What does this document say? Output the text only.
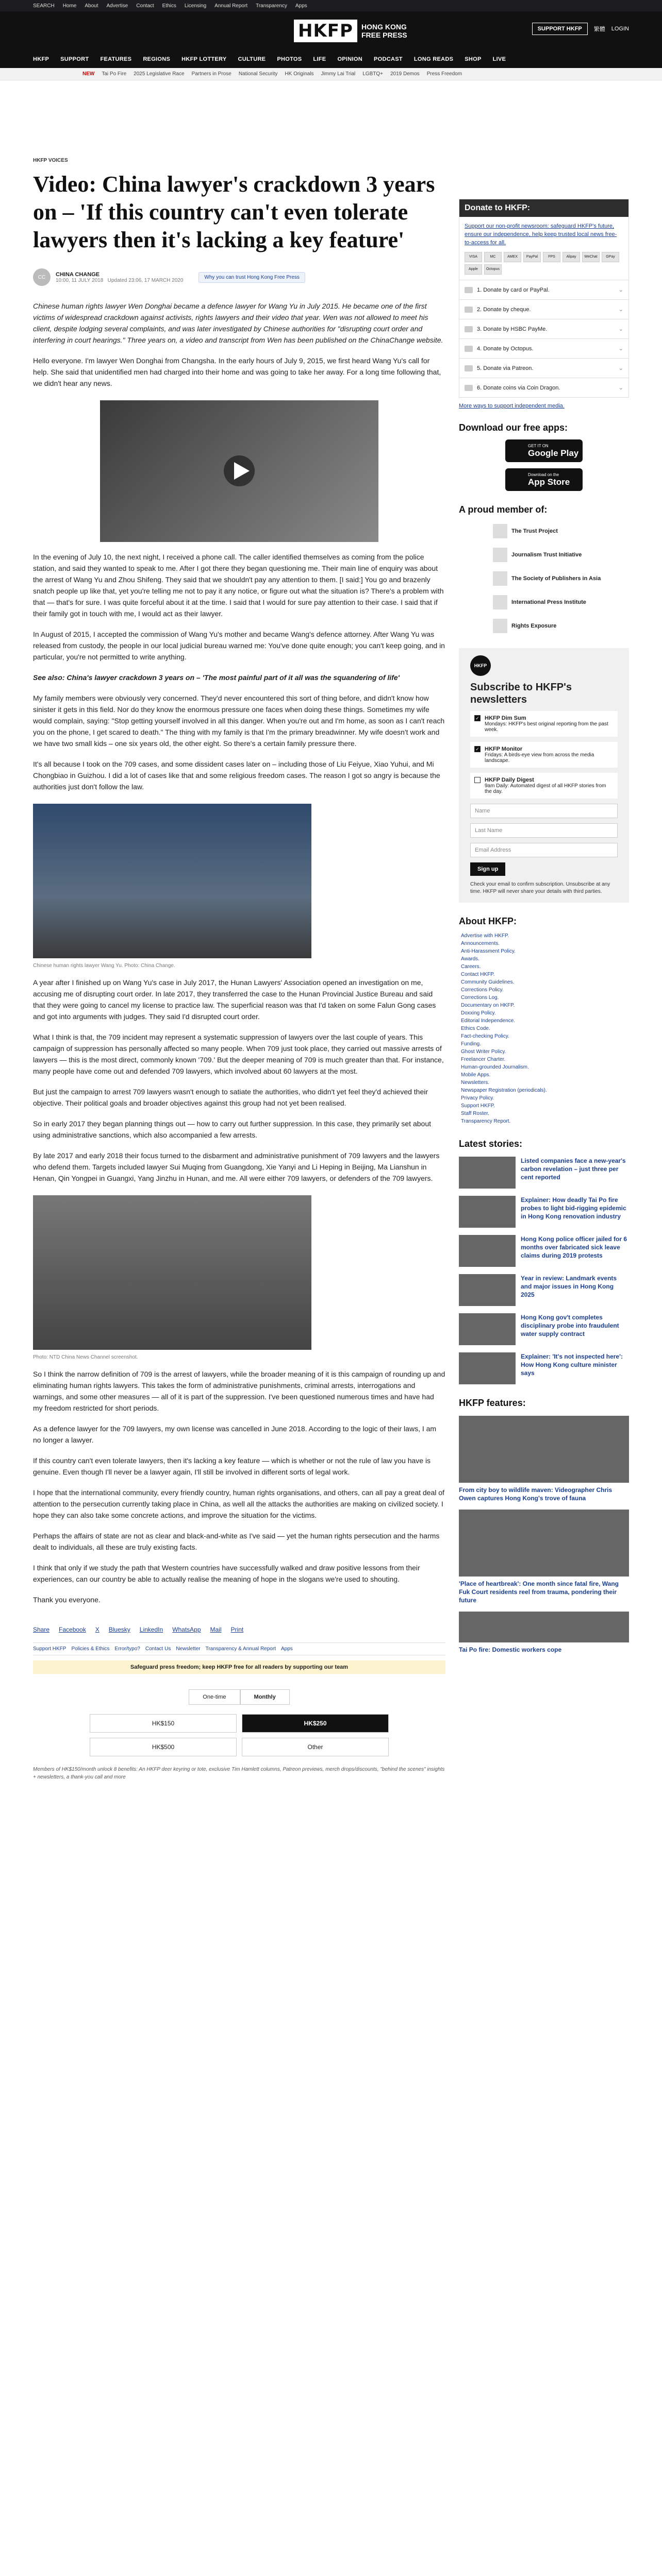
SEARCH Home About Advertise Contact Ethics Licensing Annual Report Transparency Apps
HKFP	HONG KONG
FREE PRESS
SUPPORT HKFP	繁體 LOGIN
HKFP SUPPORT FEATURES REGIONS HKFP LOTTERY CULTURE PHOTOS LIFE OPINION PODCAST LONG READS SHOP LIVE
NEW Tai Po Fire 2025 Legislative Race Partners in Prose National Security HK Originals Jimmy Lai Trial LGBTQ+ 2019 Demos Press Freedom
HKFP VOICES
Video: China lawyer's crackdown 3 years on – 'If this country can't even tolerate lawyers then it's lacking a key feature'
CC	CHINA CHANGE
10:00, 11 JULY 2018 Updated 23:06, 17 MARCH 2020
Why you can trust Hong Kong Free Press

Chinese human rights lawyer Wen Donghai became a defence lawyer for Wang Yu in July 2015. He became one of the first victims of widespread crackdown against activists, rights lawyers and their video that year. Wen was not allowed to meet his client, despite lodging several complaints, and was later investigated by Chinese authorities for "disrupting court order and interfering in court hearings." Three years on, a video and transcript from Wen has been published on the ChinaChange website.

Hello everyone. I'm lawyer Wen Donghai from Changsha. In the early hours of July 9, 2015, we first heard Wang Yu's call for help. She said that unidentified men had charged into their home and was going to take her away. For a long time following that, we didn't hear any news.

In the evening of July 10, the next night, I received a phone call. The caller identified themselves as coming from the police station, and said they wanted to speak to me. After I got there they began questioning me. Their main line of enquiry was about the arrest of Wang Yu and Zhou Shifeng. They said that we shouldn't pay any attention to them. [I said:] You go and brazenly snatch people up like that, yet you're telling me not to pay it any notice, or figure out what the situation is? There's a problem with that — that's for sure. I was quite forceful about it at the time. I said that I would for sure pay attention to their case. I said that if their family got in touch with me, I would act as their lawyer.

In August of 2015, I accepted the commission of Wang Yu's mother and became Wang's defence attorney. After Wang Yu was released from custody, the people in our local judicial bureau warned me: You've done quite enough; you can't keep going, and in particular, you're not permitted to write anything.

See also: China's lawyer crackdown 3 years on – 'The most painful part of it all was the squandering of life'

My family members were obviously very concerned. They'd never encountered this sort of thing before, and didn't know how sinister it gets in this field. Nor do they know the enormous pressure one faces when doing these things. Sometimes my wife would complain, saying: "Stop getting yourself involved in all this danger. When you're out and I'm home, as soon as I can't reach you on the phone, I get scared to death." The thing with my family is that I'm the primary breadwinner. My wife doesn't work and we have two small kids – one six years old, the other eight. So there's a certain family pressure there.

It's all because I took on the 709 cases, and some dissident cases later on – including those of Liu Feiyue, Xiao Yuhui, and Mi Chongbiao in Guizhou. I did a lot of cases like that and some religious freedom cases. The reason I got so angry is because the authorities just don't follow the law.

Chinese human rights lawyer Wang Yu. Photo: China Change.

A year after I finished up on Wang Yu's case in July 2017, the Hunan Lawyers' Association opened an investigation on me, accusing me of disrupting court order. In late 2017, they transferred the case to the Hunan Provincial Justice Bureau and said that they were going to cancel my license to practice law. The superficial reason was that I'd taken on some Falun Gong cases and got into arguments with judges. They said I'd disrupted court order.

What I think is that, the 709 incident may represent a systematic suppression of lawyers over the last couple of years. This campaign of suppression has personally affected so many people. When 709 just took place, they carried out massive arrests of lawyers — this is the most direct, commonly known '709.' But the deeper meaning of 709 is much greater than that. For instance, many people have come out and defended 709 lawyers, which involved about 60 lawyers at the most.

But just the campaign to arrest 709 lawyers wasn't enough to satiate the authorities, who didn't yet feel they'd achieved their objective. Their political goals and broader objectives against this group had not yet been realised.

So in early 2017 they began planning things out — how to carry out further suppression. In this case, they primarily set about using administrative sanctions, which also accompanied a few arrests.

By late 2017 and early 2018 their focus turned to the disbarment and administrative punishment of 709 lawyers and the lawyers who defend them. Targets included lawyer Sui Muqing from Guangdong, Xie Yanyi and Li Heping in Beijing, Ma Lianshun in Henan, Qin Yongpei in Guangxi, Yang Jinzhu in Hunan, and me. All were either 709 lawyers, or defenders of the 709 lawyers.

Photo: NTD China News Channel screenshot.

So I think the narrow definition of 709 is the arrest of lawyers, while the broader meaning of it is this campaign of rounding up and eliminating human rights lawyers. This takes the form of administrative punishments, criminal arrests, interrogations and warnings, and some other measures — all of it is part of the suppression. I've been questioned numerous times and have had my freedom restricted for short periods.

As a defence lawyer for the 709 lawyers, my own license was cancelled in June 2018. According to the logic of their laws, I am no longer a lawyer.

If this country can't even tolerate lawyers, then it's lacking a key feature — which is whether or not the rule of law you have is genuine. Even though I'll never be a lawyer again, I'll still be involved in different sorts of legal work.

I hope that the international community, every friendly country, human rights organisations, and others, can all pay a great deal of attention to the persecution currently taking place in China, as well all the attacks the authorities are making on civilized society. I hope they can also take some concrete actions, and improve the situation for the victims.

Perhaps the affairs of state are not as clear and black-and-white as I've said — yet the human rights persecution and the harms dealt to individuals, all these are truly existing facts.

I think that only if we study the path that Western countries have successfully walked and draw positive lessons from their experiences, can our country be able to actually realise the meaning of hope in the slogans we're used to shouting.

Thank you everyone.

Share Facebook X Bluesky LinkedIn WhatsApp Mail Print
Support HKFP Policies & Ethics Error/typo? Contact Us Newsletter Transparency & Annual Report Apps
Safeguard press freedom; keep HKFP free for all readers by supporting our team
One-time	Monthly
HK$150	HK$250
HK$500	Other

Members of HK$150/month unlock 8 benefits: An HKFP deer keyring or tote, exclusive Tim Hamlett columns, Patreon previews, merch drops/discounts, "behind the scenes" insights + newsletters, a thank-you call and more

Donate to HKFP:
Support our non-profit newsroom: safeguard HKFP's future, ensure our independence, help keep trusted local news free-to-access for all.
VISA	MC	AMEX	PayPal	FPS	Alipay	WeChat	GPay
Apple	Octopus
1. Donate by card or PayPal.	⌄
2. Donate by cheque.	⌄
3. Donate by HSBC PayMe.	⌄
4. Donate by Octopus.	⌄
5. Donate via Patreon.	⌄
6. Donate coins via Coin Dragon.	⌄
More ways to support independent media.
Download our free apps:
GET IT ON
Google Play
Download on the
App Store
A proud member of:
The Trust Project
Journalism Trust Initiative
The Society of Publishers in Asia
International Press Institute
Rights Exposure
HKFP
Subscribe to HKFP's newsletters
✓ HKFP Dim Sum
Mondays: HKFP's best original reporting from the past week.
✓ HKFP Monitor
Fridays: A birds-eye view from across the media landscape.
HKFP Daily Digest
9am Daily: Automated digest of all HKFP stories from the day.
Name
Last Name
Email Address
Sign up

Check your email to confirm subscription. Unsubscribe at any time. HKFP will never share your details with third parties.

About HKFP:
Advertise with HKFP.
Announcements.
Anti-Harassment Policy.
Awards.
Careers.
Contact HKFP.
Community Guidelines.
Corrections Policy.
Corrections Log.
Documentary on HKFP.
Doxxing Policy.
Editorial Independence.
Ethics Code.
Fact-checking Policy.
Funding.
Ghost Writer Policy.
Freelancer Charter.
Human-grounded Journalism.
Mobile Apps.
Newsletters.
Newspaper Registration (periodicals).
Privacy Policy.
Support HKFP.
Staff Roster.
Transparency Report.
Latest stories:
Listed companies face a new-year's carbon revelation – just three per cent reported
Explainer: How deadly Tai Po fire probes to light bid-rigging epidemic in Hong Kong renovation industry
Hong Kong police officer jailed for 6 months over fabricated sick leave claims during 2019 protests
Year in review: Landmark events and major issues in Hong Kong 2025
Hong Kong gov't completes disciplinary probe into fraudulent water supply contract
Explainer: 'It's not inspected here': How Hong Kong culture minister says
HKFP features:
From city boy to wildlife maven: Videographer Chris Owen captures Hong Kong's trove of fauna
'Place of heartbreak': One month since fatal fire, Wang Fuk Court residents reel from trauma, pondering their future
Tai Po fire: Domestic workers cope
